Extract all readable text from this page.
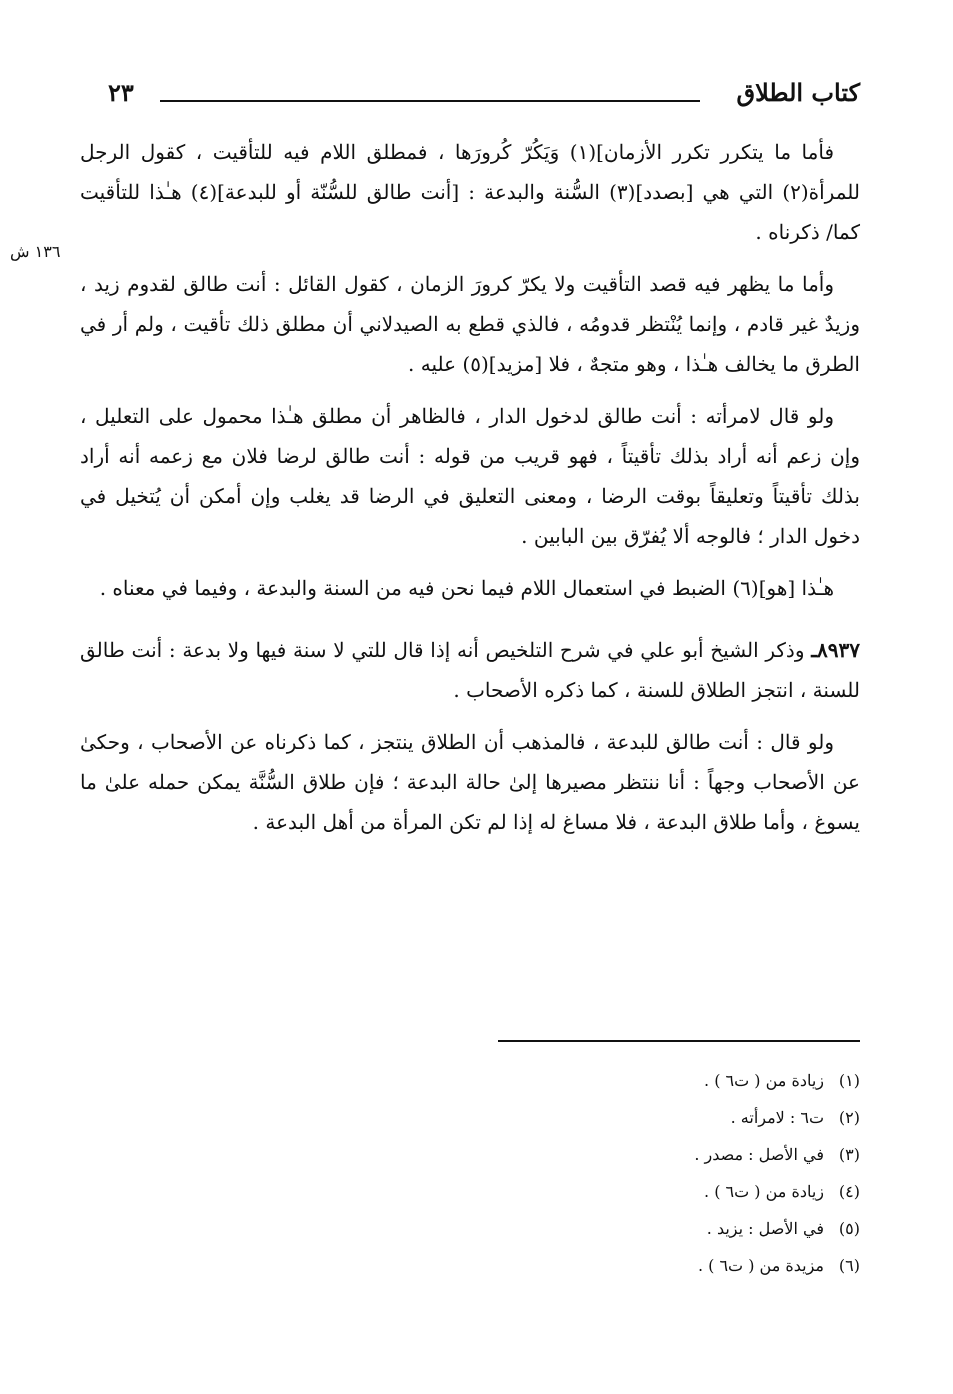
كتاب الطلاق
٢٣
١٣٦ ش

فأما ما يتكرر تكرر الأزمان](١) وَيَكُرّ كُرورَها ، فمطلق اللام فيه للتأقيت ، كقول الرجل للمرأة(٢) التي هي [بصدد](٣) السُّنة والبدعة : [أنت طالق للسُّنّة أو للبدعة](٤) هـٰذا للتأقيت كما/ ذكرناه .

وأما ما يظهر فيه قصد التأقيت ولا يكرّ كرورَ الزمان ، كقول القائل : أنت طالق لقدوم زيد ، وزيدٌ غير قادم ، وإنما يُنْتظر قدومُه ، فالذي قطع به الصيدلاني أن مطلق ذلك تأقيت ، ولم أر في الطرق ما يخالف هـٰذا ، وهو متجهٌ ، فلا [مزيد](٥) عليه .

ولو قال لامرأته : أنت طالق لدخول الدار ، فالظاهر أن مطلق هـٰذا محمول على التعليل ، وإن زعم أنه أراد بذلك تأقيتاً ، فهو قريب من قوله : أنت طالق لرضا فلان مع زعمه أنه أراد بذلك تأقيتاً وتعليقاً بوقت الرضا ، ومعنى التعليق في الرضا قد يغلب وإن أمكن أن يُتخيل في دخول الدار ؛ فالوجه ألا يُفرّق بين البابين .

هـٰذا [هو](٦) الضبط في استعمال اللام فيما نحن فيه من السنة والبدعة ، وفيما في معناه .

٨٩٣٧ـ وذكر الشيخ أبو علي في شرح التلخيص أنه إذا قال للتي لا سنة فيها ولا بدعة : أنت طالق للسنة ، انتجز الطلاق للسنة ، كما ذكره الأصحاب .

ولو قال : أنت طالق للبدعة ، فالمذهب أن الطلاق ينتجز ، كما ذكرناه عن الأصحاب ، وحكىٰ عن الأصحاب وجهاً : أنا ننتظر مصيرها إلىٰ حالة البدعة ؛ فإن طلاق السُّنَّة يمكن حمله علىٰ ما يسوغ ، وأما طلاق البدعة ، فلا مساغ له إذا لم تكن المرأة من أهل البدعة .

(١)زيادة من ( ت٦ ) .
(٢)ت٦ : لامرأته .
(٣)في الأصل : مصدر .
(٤)زيادة من ( ت٦ ) .
(٥)في الأصل : يزيد .
(٦)مزيدة من ( ت٦ ) .
